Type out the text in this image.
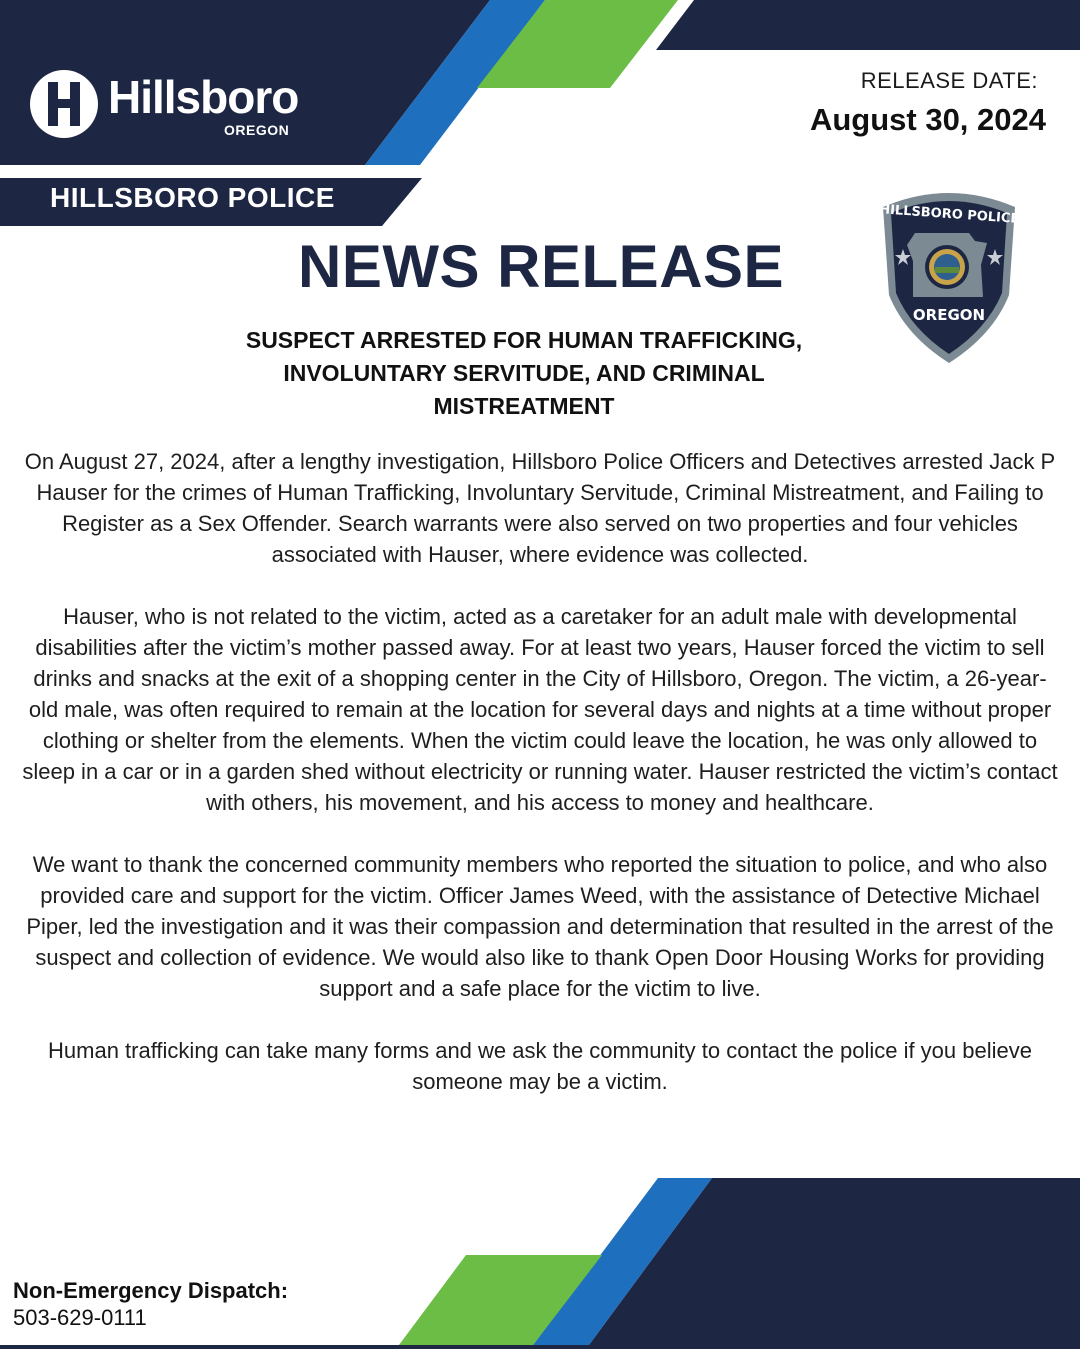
Hillsboro
OREGON
RELEASE DATE:
August 30, 2024
HILLSBORO POLICE
HILLSBORO POLICE
OREGON
NEWS RELEASE
SUSPECT ARRESTED FOR HUMAN TRAFFICKING, INVOLUNTARY SERVITUDE, AND CRIMINAL MISTREATMENT

On August 27, 2024, after a lengthy investigation, Hillsboro Police Officers and Detectives arrested Jack P Hauser for the crimes of Human Trafficking, Involuntary Servitude, Criminal Mistreatment, and Failing to Register as a Sex Offender. Search warrants were also served on two properties and four vehicles associated with Hauser, where evidence was collected.

Hauser, who is not related to the victim, acted as a caretaker for an adult male with developmental disabilities after the victim’s mother passed away. For at least two years, Hauser forced the victim to sell drinks and snacks at the exit of a shopping center in the City of Hillsboro, Oregon. The victim, a 26-year-old male, was often required to remain at the location for several days and nights at a time without proper clothing or shelter from the elements. When the victim could leave the location, he was only allowed to sleep in a car or in a garden shed without electricity or running water. Hauser restricted the victim’s contact with others, his movement, and his access to money and healthcare.

We want to thank the concerned community members who reported the situation to police, and who also provided care and support for the victim. Officer James Weed, with the assistance of Detective Michael Piper, led the investigation and it was their compassion and determination that resulted in the arrest of the suspect and collection of evidence. We would also like to thank Open Door Housing Works for providing support and a safe place for the victim to live.

Human trafficking can take many forms and we ask the community to contact the police if you believe someone may be a victim.

Non-Emergency Dispatch:
503-629-0111
